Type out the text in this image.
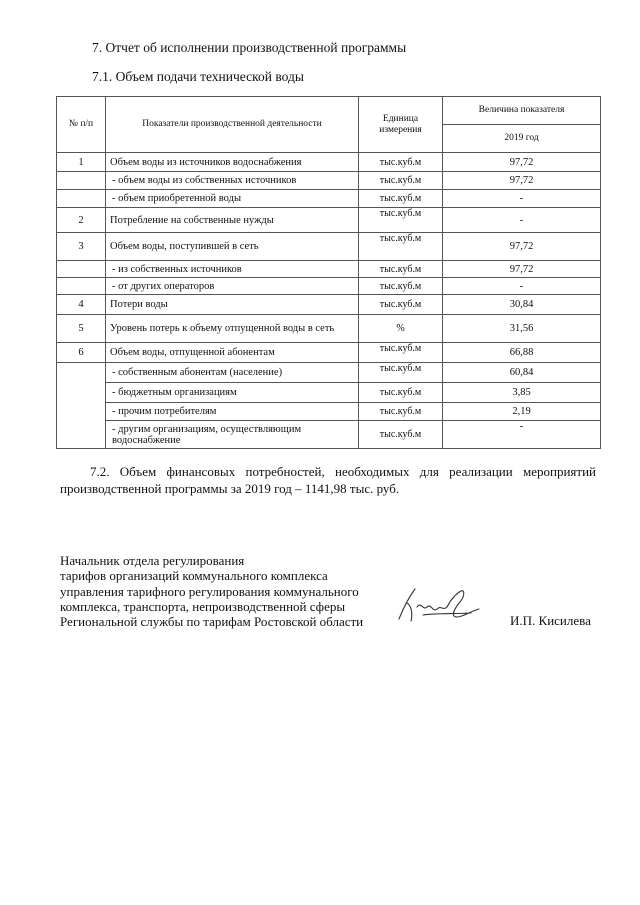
7. Отчет об исполнении производственной программы
7.1. Объем подачи технической воды
№ п/п	Показатели производственной деятельности	Единица измерения	Величина показателя
			2019 год
1	Объем воды из источников водоснабжения	тыс.куб.м	97,72
	- объем воды из собственных источников	тыс.куб.м	97,72
	- объем приобретенной воды	тыс.куб.м	-
2	Потребление на собственные нужды	тыс.куб.м	-
3	Объем воды, поступившей в сеть	тыс.куб.м	97,72
	- из собственных источников	тыс.куб.м	97,72
	- от других операторов	тыс.куб.м	-
4	Потери воды	тыс.куб.м	30,84
5	Уровень потерь к объему отпущенной воды в сеть	%	31,56
6	Объем воды, отпущенной абонентам	тыс.куб.м	66,88
	- собственным абонентам (население)	тыс.куб.м	60,84
	- бюджетным организациям	тыс.куб.м	3,85
	- прочим потребителям	тыс.куб.м	2,19
	- другим организациям, осуществляющим водоснабжение	тыс.куб.м	-
7.2. Объем финансовых потребностей, необходимых для реализации мероприятий производственной программы за 2019 год – 1141,98 тыс. руб.
Начальник отдела регулирования
тарифов организаций коммунального комплекса
управления тарифного регулирования коммунального
комплекса, транспорта, непроизводственной сферы
Региональной службы по тарифам Ростовской области	И.П. Кисилева
